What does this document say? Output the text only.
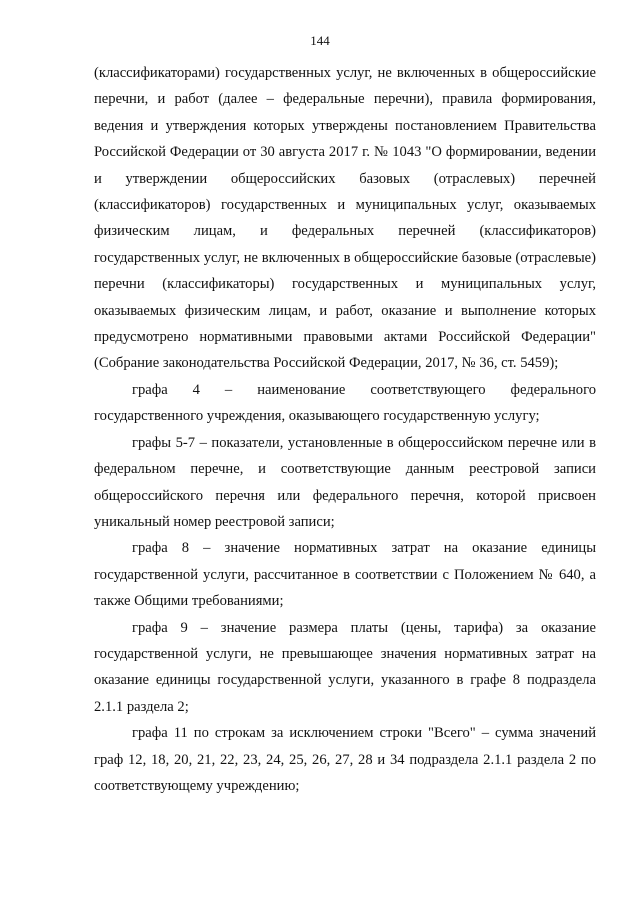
144

(классификаторами) государственных услуг, не включенных в общероссийские перечни, и работ (далее – федеральные перечни), правила формирования, ведения и утверждения которых утверждены постановлением Правительства Российской Федерации от 30 августа 2017 г. № 1043 "О формировании, ведении и утверждении общероссийских базовых (отраслевых) перечней (классификаторов) государственных и муниципальных услуг, оказываемых физическим лицам, и федеральных перечней (классификаторов) государственных услуг, не включенных в общероссийские базовые (отраслевые) перечни (классификаторы) государственных и муниципальных услуг, оказываемых физическим лицам, и работ, оказание и выполнение которых предусмотрено нормативными правовыми актами Российской Федерации" (Собрание законодательства Российской Федерации, 2017, № 36, ст. 5459);

графа 4 – наименование соответствующего федерального государственного учреждения, оказывающего государственную услугу;

графы 5-7 – показатели, установленные в общероссийском перечне или в федеральном перечне, и соответствующие данным реестровой записи общероссийского перечня или федерального перечня, которой присвоен уникальный номер реестровой записи;

графа 8 – значение нормативных затрат на оказание единицы государственной услуги, рассчитанное в соответствии с Положением № 640, а также Общими требованиями;

графа 9 – значение размера платы (цены, тарифа) за оказание государственной услуги, не превышающее значения нормативных затрат на оказание единицы государственной услуги, указанного в графе 8 подраздела 2.1.1 раздела 2;

графа 11 по строкам за исключением строки "Всего" – сумма значений граф 12, 18, 20, 21, 22, 23, 24, 25, 26, 27, 28 и 34 подраздела 2.1.1 раздела 2 по соответствующему учреждению;
